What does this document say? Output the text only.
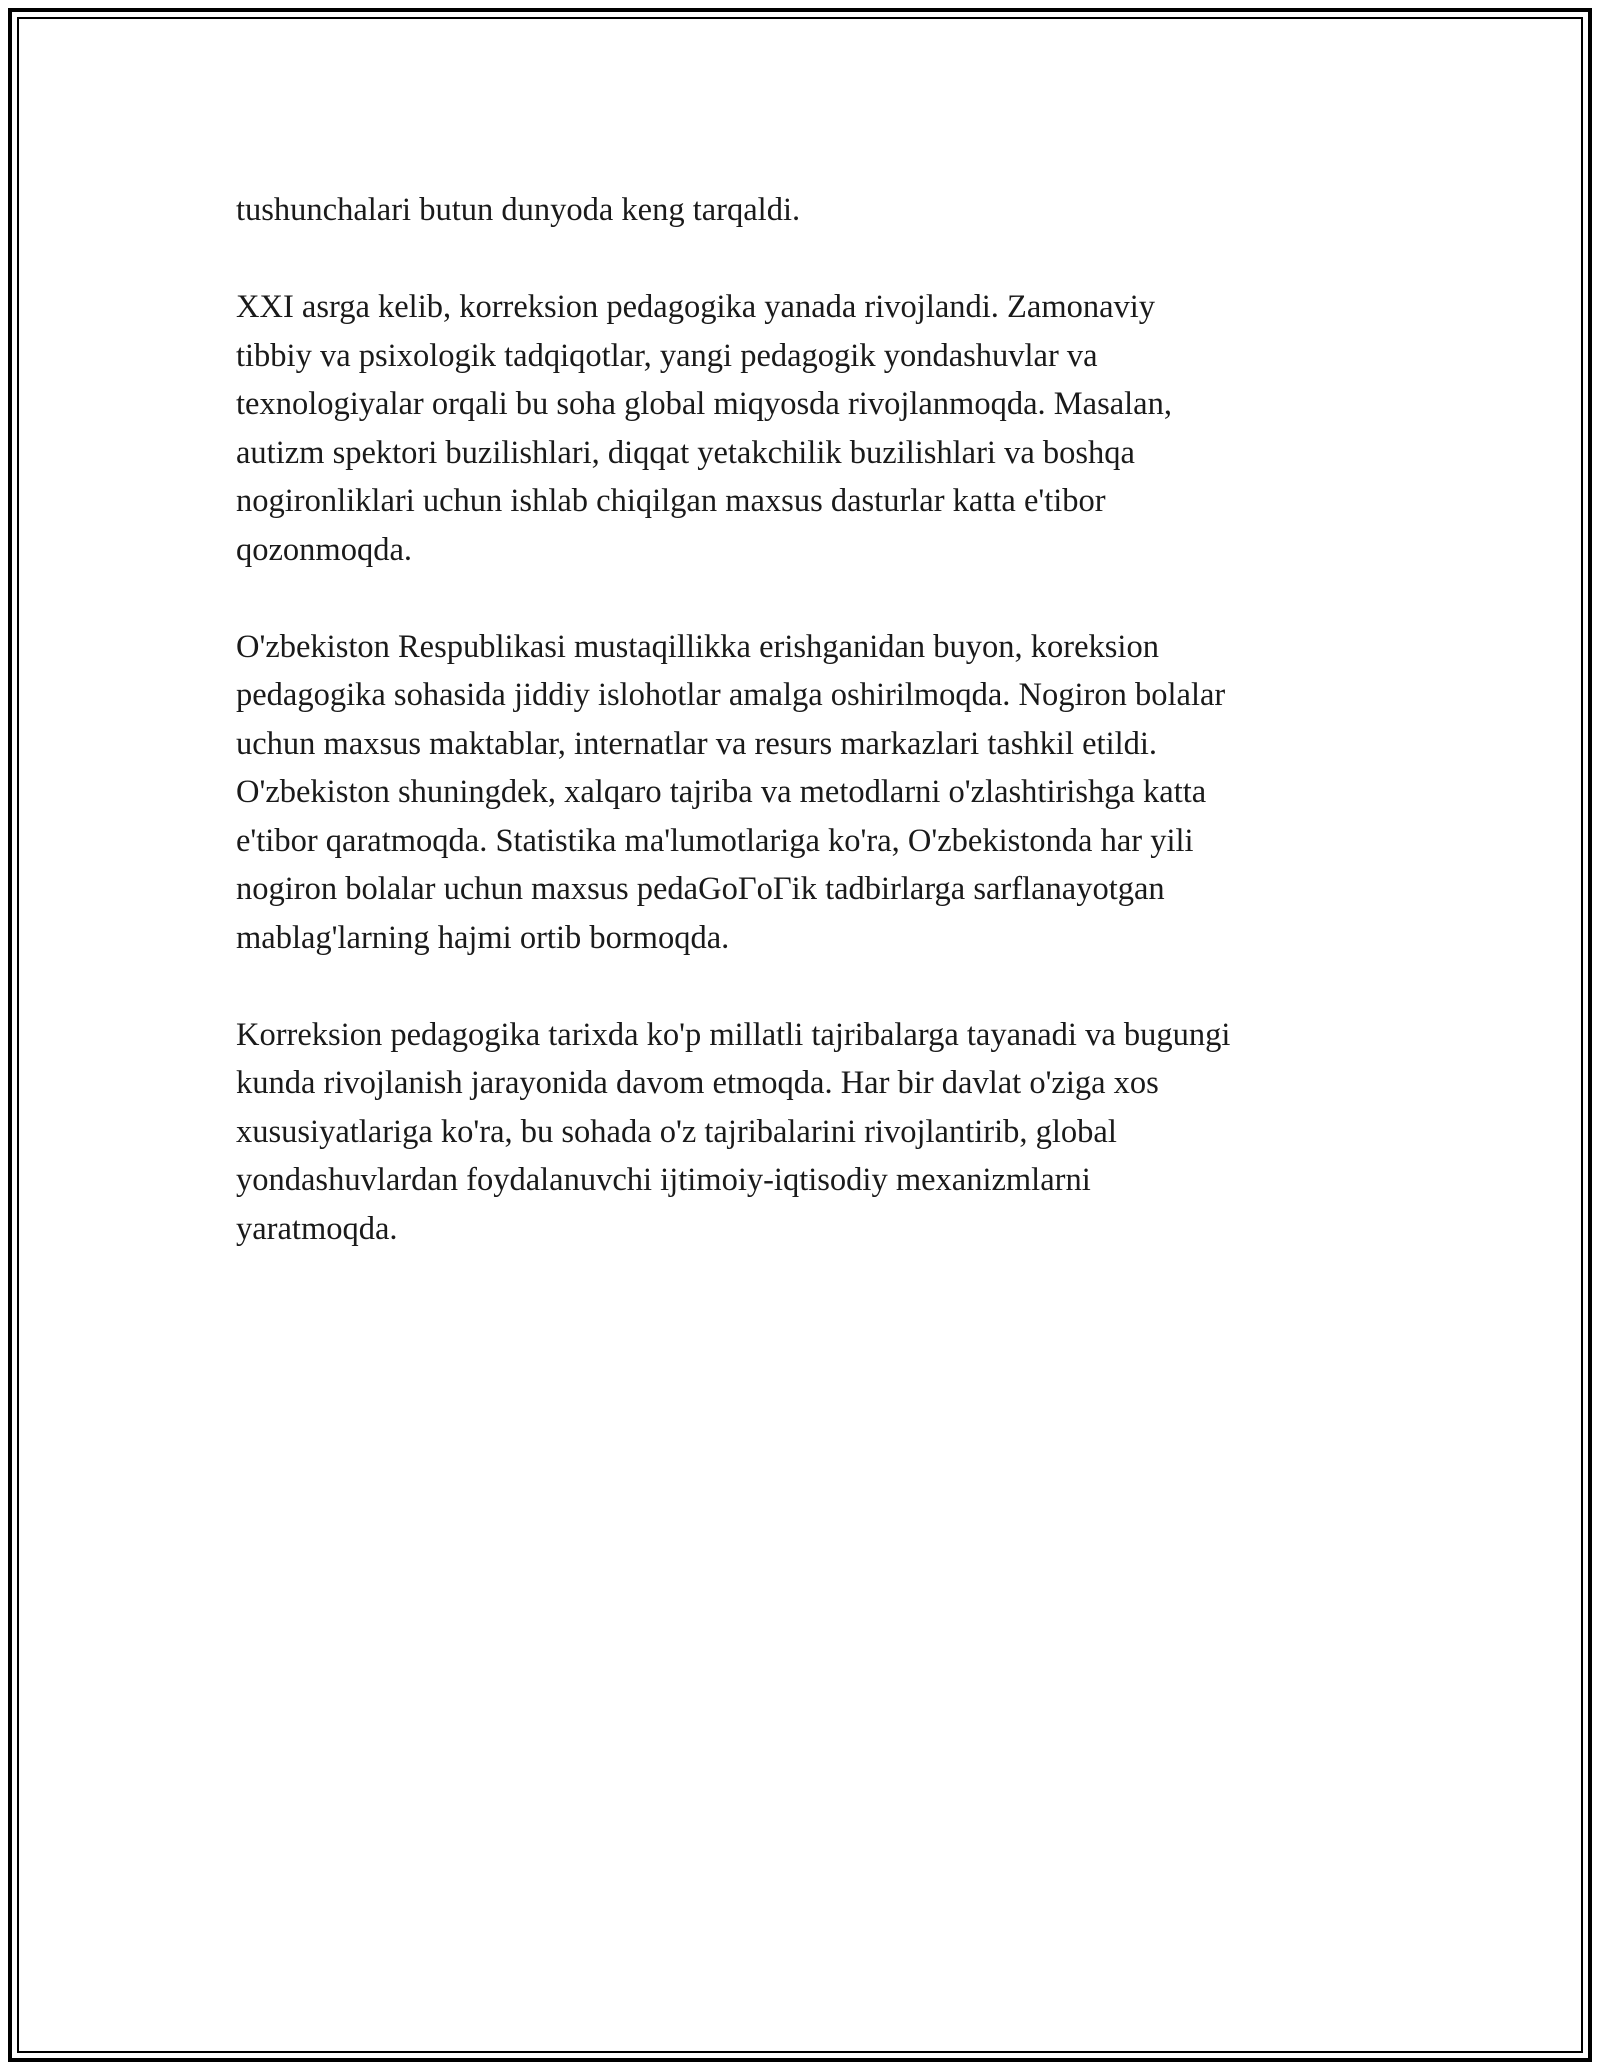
tushunchalari butun dunyoda keng tarqaldi.

XXI asrga kelib, korreksion pedagogika yanada rivojlandi. Zamonaviy
tibbiy va psixologik tadqiqotlar, yangi pedagogik yondashuvlar va
texnologiyalar orqali bu soha global miqyosda rivojlanmoqda. Masalan,
autizm spektori buzilishlari, diqqat yetakchilik buzilishlari va boshqa
nogironliklari uchun ishlab chiqilgan maxsus dasturlar katta e'tibor
qozonmoqda.

O'zbekiston Respublikasi mustaqillikka erishganidan buyon, koreksion
pedagogika sohasida jiddiy islohotlar amalga oshirilmoqda. Nogiron bolalar
uchun maxsus maktablar, internatlar va resurs markazlari tashkil etildi.
O'zbekiston shuningdek, xalqaro tajriba va metodlarni o'zlashtirishga katta
e'tibor qaratmoqda. Statistika ma'lumotlariga ko'ra, O'zbekistonda har yili
nogiron bolalar uchun maxsus pedaGoГoГik tadbirlarga sarflanayotgan
mablag'larning hajmi ortib bormoqda.

Korreksion pedagogika tarixda ko'p millatli tajribalarga tayanadi va bugungi
kunda rivojlanish jarayonida davom etmoqda. Har bir davlat o'ziga xos
xususiyatlariga ko'ra, bu sohada o'z tajribalarini rivojlantirib, global
yondashuvlardan foydalanuvchi ijtimoiy-iqtisodiy mexanizmlarni
yaratmoqda.
